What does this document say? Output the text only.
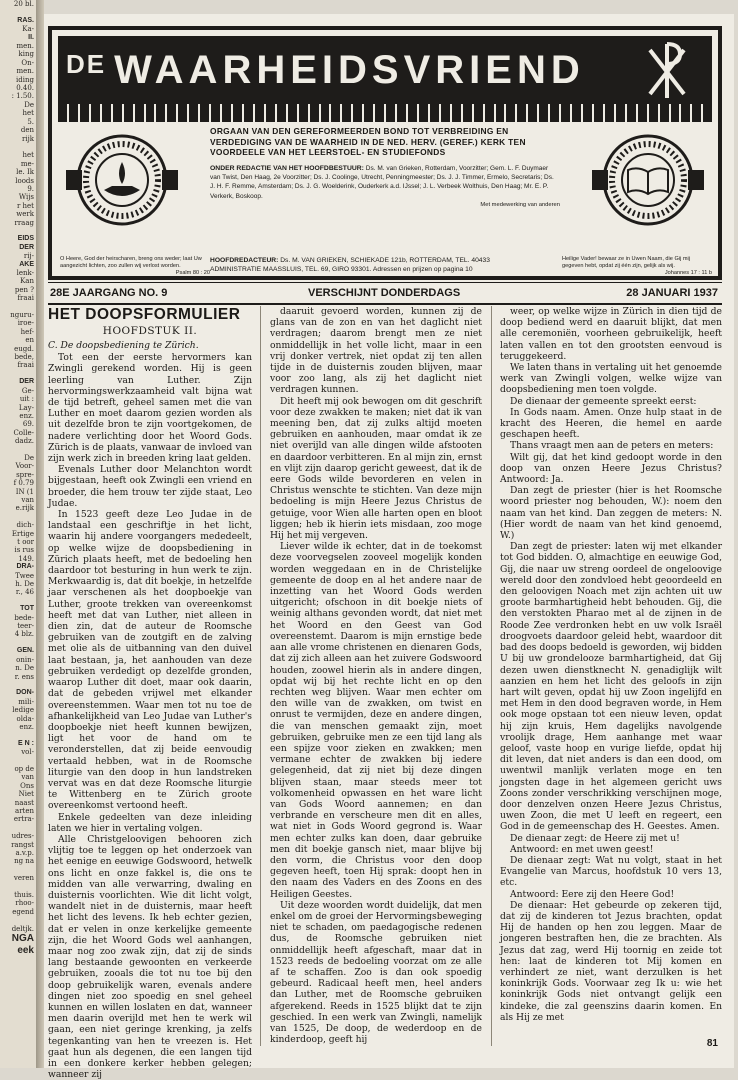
20 bl.

RAS.
Ka-
II.
men.
king
On-
men.
iding
0.40.
: 1.50.
De
het
5.
den
rijk

het
me-
le. Ik
loods
9.
Wijs
r het
werk
rraag

EIDS
DER
rij-
AKE
lenk-
Kan
pen ?
fraai

nguru-
iroe-
hef-
en
eugd.
bede,
fraai

DER
Ge-
uit :
Lay-
enz.
69.
Colle-
dadz.

De
Voor-
spre-
f 0.79
IN (1
van
e.rijk

dich-
Ertige
t oor
is rus
149.
DRA-
Twee
h. De
r., 46

TOT
bede-
teer-
4 blz.

GEN.
onin-
n. De
r. ens

DON-
mili-
ledige
olda-
enz.

E N :
vol-

op de
van
Ons
Niet
naast
arten
ertra-

udres-
rangst
a.v.p.
ng na

veren

thuis.
rhoo-
egend

deltjk.
NGA
eek
$^{DE}$ WAARHEIDSVRIEND
ORGAAN VAN DEN GEREFORMEERDEN BOND TOT VERBREIDING EN VERDEDIGING VAN DE WAARHEID IN DE NED. HERV. (GEREF.) KERK TEN VOORDEELE VAN HET LEERSTOEL- EN STUDIEFONDS
ONDER REDACTIE VAN HET HOOFDBESTUUR: Ds. M. van Grieken, Rotterdam, Voorzitter; Gem. L. F. Duymaer van Twist, Den Haag, 2e Voorzitter; Ds. J. Coolinge, Utrecht, Penningmeester; Ds. J. J. Timmer, Ermelo, Secretaris; Ds. J. H. F. Remme, Amsterdam; Ds. J. G. Woelderink, Ouderkerk a.d. IJssel; J. L. Verbeek Wolthuis, Den Haag; Mr. E. P. Verkerk, Boskoop.
Met medewerking van anderen
HOOFDREDACTEUR: Ds. M. VAN GRIEKEN, SCHIEKADE 121b, ROTTERDAM, TEL. 40433
ADMINISTRATIE MAASSLUIS, TEL. 69, GIRO 93301. Adressen en prijzen op pagina 10
O Heere, God der heirscharen, breng ons weder; laat Uw aangezicht lichten, zoo zullen wij verlost worden.
Psalm 80 : 20
Heilige Vader! bewaar ze in Uwen Naam, die Gij mij gegeven hebt, opdat zij één zijn, gelijk als wij.
Johannes 17 : 11 b
28E JAARGANG NO. 9	VERSCHIJNT DONDERDAGS	28 JANUARI 1937
HET DOOPSFORMULIER
HOOFDSTUK II.
C. De doopsbediening te Zürich.

Tot een der eerste hervormers kan Zwingli gerekend worden. Hij is geen leerling van Luther. Zijn hervormingswerkzaamheid valt bijna wat de tijd betreft, geheel samen met die van Luther en moet daarom gezien worden als uit dezelfde bron te zijn voortgekomen, de nadere verlichting door het Woord Gods. Zürich is de plaats, vanwaar de invloed van zijn werk zich in breeden kring laat gelden.

Evenals Luther door Melanchton wordt bijgestaan, heeft ook Zwingli een vriend en broeder, die hem trouw ter zijde staat, Leo Judae.

In 1523 geeft deze Leo Judae in de landstaal een geschriftje in het licht, waarin hij andere voorgangers mededeelt, op welke wijze de doopsbediening in Zürich plaats heeft, met de bedoeling hen daardoor tot besturing in hun werk te zijn. Merkwaardig is, dat dit boekje, in hetzelfde jaar verschenen als het doopboekje van Luther, groote trekken van overeenkomst heeft met dat van Luther, niet alleen in dien zin, dat de auteur de Roomsche gebruiken van de zoutgift en de zalving met olie als de uitbanning van den duivel laat bestaan, ja, het aanhouden van deze gebruiken verdedigt op dezelfde gronden, waarop Luther dit doet, maar ook daarin, dat de gebeden vrijwel met elkander overeenstemmen. Waar men tot nu toe de afhankelijkheid van Leo Judae van Luther's doopboekje niet heeft kunnen bewijzen, ligt het voor de hand om te veronderstellen, dat zij beide eenvoudig vertaald hebben, wat in de Roomsche liturgie van den doop in hun landstreken vervat was en dat deze Roomsche liturgie te Wittenberg en te Zürich groote overeenkomst vertoond heeft.

Enkele gedeelten van deze inleiding laten we hier in vertaling volgen.

Alle Christgeloovigen behooren zich vlijtig toe te leggen op het onderzoek van het eenige en eeuwige Godswoord, hetwelk ons licht en onze fakkel is, die ons te midden van alle verwarring, dwaling en duisternis voorlichten. Wie dit licht volgt, wandelt niet in de duisternis, maar heeft het licht des levens. Ik heb echter gezien, dat er velen in onze kerkelijke gemeente zijn, die het Woord Gods wel aanhangen, maar nog zoo zwak zijn, dat zij de sinds lang bestaande gewoonten en verkeerde gebruiken, zooals die tot nu toe bij den doop gebruikelijk waren, evenals andere dingen niet zoo spoedig en snel geheel kunnen en willen loslaten en dat, wanneer men daarin overijld met hen te werk wil gaan, een niet geringe krenking, ja zelfs tegenkanting van hen te vreezen is. Het gaat hun als degenen, die een langen tijd in een donkere kerker hebben gelegen; wanneer zij

daaruit gevoerd worden, kunnen zij de glans van de zon en van het daglicht niet verdragen; daarom brengt men ze niet onmiddellijk in het volle licht, maar in een vrij donker vertrek, niet opdat zij ten allen tijde in de duisternis zouden blijven, maar voor zoo lang, als zij het daglicht niet verdragen kunnen.

Dit heeft mij ook bewogen om dit geschrift voor deze zwakken te maken; niet dat ik van meening ben, dat zij zulks altijd moeten gebruiken en aanhouden, maar omdat ik ze niet overijld van alle dingen wilde afstooten en daardoor verbitteren. En al mijn zin, ernst en vlijt zijn daarop gericht geweest, dat ik de eere Gods wilde bevorderen en velen in Christus wenschte te stichten. Van deze mijn bedoeling is mijn Heere Jezus Christus de getuige, voor Wien alle harten open en bloot liggen; heb ik hierin iets misdaan, zoo moge Hij het mij vergeven.

Liever wilde ik echter, dat in de toekomst deze voorvegselen zooveel mogelijk konden worden weggedaan en in de Christelijke gemeente de doop en al het andere naar de inzetting van het Woord Gods werden uitgericht; ofschoon in dit boekje niets of weinig althans gevonden wordt, dat niet met het Woord en den Geest van God overeenstemt. Daarom is mijn ernstige bede aan alle vrome christenen en dienaren Gods, dat zij zich alleen aan het zuivere Godswoord houden, zoowel hierin als in andere dingen, opdat wij bij het rechte licht en op den rechten weg blijven. Waar men echter om den wille van de zwakken, om twist en onrust te vermijden, deze en andere dingen, die van menschen gemaakt zijn, moet gebruiken, gebruike men ze een tijd lang als een spijze voor zieken en zwakken; men vermane echter de zwakken bij iedere gelegenheid, dat zij niet bij deze dingen blijven staan, maar steeds meer tot volkomenheid opwassen en het ware licht van Gods Woord aannemen; en dan verbrande en verscheure men dit en alles, wat niet in Gods Woord gegrond is. Waar men echter zulks kan doen, daar gebruike men dit boekje gansch niet, maar blijve bij den vorm, die Christus voor den doop gegeven heeft, toen Hij sprak: doopt hen in den naam des Vaders en des Zoons en des Heiligen Geestes.

Uit deze woorden wordt duidelijk, dat men enkel om de groei der Hervormingsbeweging niet te schaden, om paedagogische redenen dus, de Roomsche gebruiken niet onmiddellijk heeft afgeschaft, maar dat in 1523 reeds de bedoeling voorzat om ze alle af te schaffen. Zoo is dan ook spoedig gebeurd. Radicaal heeft men, heel anders dan Luther, met de Roomsche gebruiken afgerekend. Reeds in 1525 blijkt dat te zijn geschied. In een werk van Zwingli, namelijk van 1525, De doop, de wederdoop en de kinderdoop, geeft hij

weer, op welke wijze in Zürich in dien tijd de doop bediend werd en daaruit blijkt, dat men alle ceremoniën, voorheen gebruikelijk, heeft laten vallen en tot den grootsten eenvoud is teruggekeerd.

We laten thans in vertaling uit het genoemde werk van Zwingli volgen, welke wijze van doopsbediening men toen volgde.

De dienaar der gemeente spreekt eerst:

In Gods naam. Amen. Onze hulp staat in de kracht des Heeren, die hemel en aarde geschapen heeft.

Thans vraagt men aan de peters en meters:

Wilt gij, dat het kind gedoopt worde in den doop van onzen Heere Jezus Christus? Antwoord: Ja.

Dan zegt de priester (hier is het Roomsche woord priester nog behouden, W.): noem den naam van het kind. Dan zeggen de meters: N. (Hier wordt de naam van het kind genoemd, W.)

Dan zegt de priester: laten wij met elkander tot God bidden. O, almachtige en eeuwige God, Gij, die naar uw streng oordeel de ongeloovige wereld door den zondvloed hebt geoordeeld en den geloovigen Noach met zijn achten uit uw groote barmhartigheid hebt behouden. Gij, die den verstokten Pharao met al de zijnen in de Roode Zee verdronken hebt en uw volk Israël droogvoets daardoor geleid hebt, waardoor dit bad des doops bedoeld is geworden, wij bidden U bij uw grondelooze barmhartigheid, dat Gij dezen uwen dienstknecht N. genadiglijk wilt aanzien en hem het licht des geloofs in zijn hart wilt geven, opdat hij uw Zoon ingelijfd en met Hem in den dood begraven worde, in Hem ook moge opstaan tot een nieuw leven, opdat hij zijn kruis, Hem dagelijks navolgende vroolijk drage, Hem aanhange met waar geloof, vaste hoop en vurige liefde, opdat hij dit leven, dat niet anders is dan een dood, om uwentwil manlijk verlaten moge en ten jongsten dage in het algemeen gericht uws Zoons zonder verschrikking verschijnen moge, door denzelven onzen Heere Jezus Christus, uwen Zoon, die met U leeft en regeert, een God in de gemeenschap des H. Geestes. Amen.

De dienaar zegt: de Heere zij met u!

Antwoord: en met uwen geest!

De dienaar zegt: Wat nu volgt, staat in het Evangelie van Marcus, hoofdstuk 10 vers 13, etc.

Antwoord: Eere zij den Heere God!

De dienaar: Het gebeurde op zekeren tijd, dat zij de kinderen tot Jezus brachten, opdat Hij de handen op hen zou leggen. Maar de jongeren bestraften hen, die ze brachten. Als Jezus dat zag, werd Hij toornig en zeide tot hen: laat de kinderen tot Mij komen en verhindert ze niet, want derzulken is het koninkrijk Gods. Voorwaar zeg Ik u: wie het koninkrijk Gods niet ontvangt gelijk een kindeke, die zal geenszins daarin komen. En als Hij ze met

81
